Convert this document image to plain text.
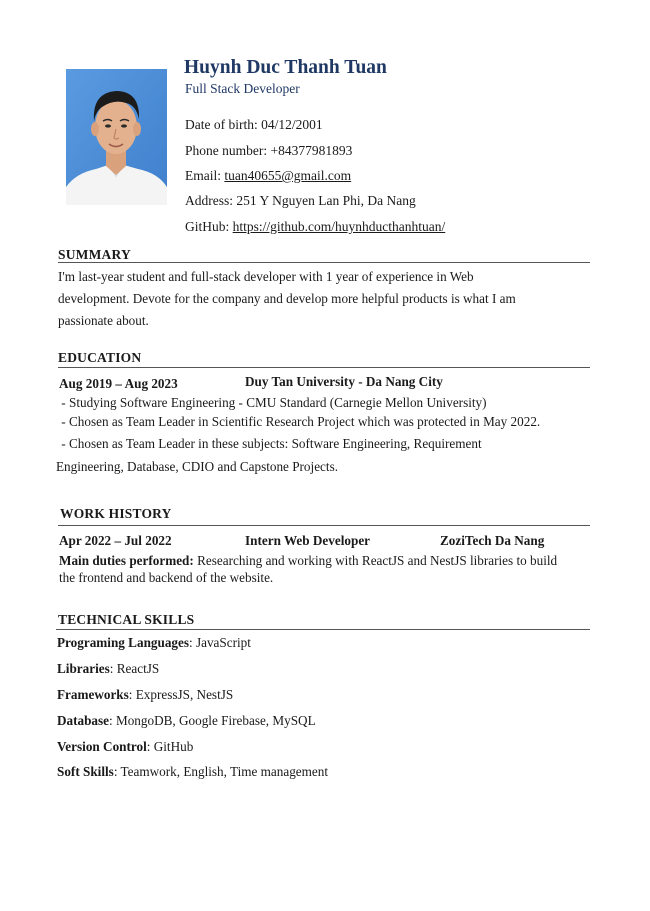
Huynh Duc Thanh Tuan
Full Stack Developer
Date of birth: 04/12/2001
Phone number: +84377981893
Email: tuan40655@gmail.com
Address: 251 Y Nguyen Lan Phi, Da Nang
GitHub: https://github.com/huynhducthanhtuan/
SUMMARY
I'm last-year student and full-stack developer with 1 year of experience in Web
development. Devote for the company and develop more helpful products is what I am
passionate about.
EDUCATION
Aug 2019 – Aug 2023	Duy Tan University - Da Nang City
- Studying Software Engineering - CMU Standard (Carnegie Mellon University)
- Chosen as Team Leader in Scientific Research Project which was protected in May 2022.
- Chosen as Team Leader in these subjects: Software Engineering, Requirement
Engineering, Database, CDIO and Capstone Projects.
WORK HISTORY
Apr 2022 – Jul 2022	Intern Web Developer	ZoziTech Da Nang
Main duties performed: Researching and working with ReactJS and NestJS libraries to build
the frontend and backend of the website.
TECHNICAL SKILLS
Programing Languages: JavaScript
Libraries: ReactJS
Frameworks: ExpressJS, NestJS
Database: MongoDB, Google Firebase, MySQL
Version Control: GitHub
Soft Skills: Teamwork, English, Time management
